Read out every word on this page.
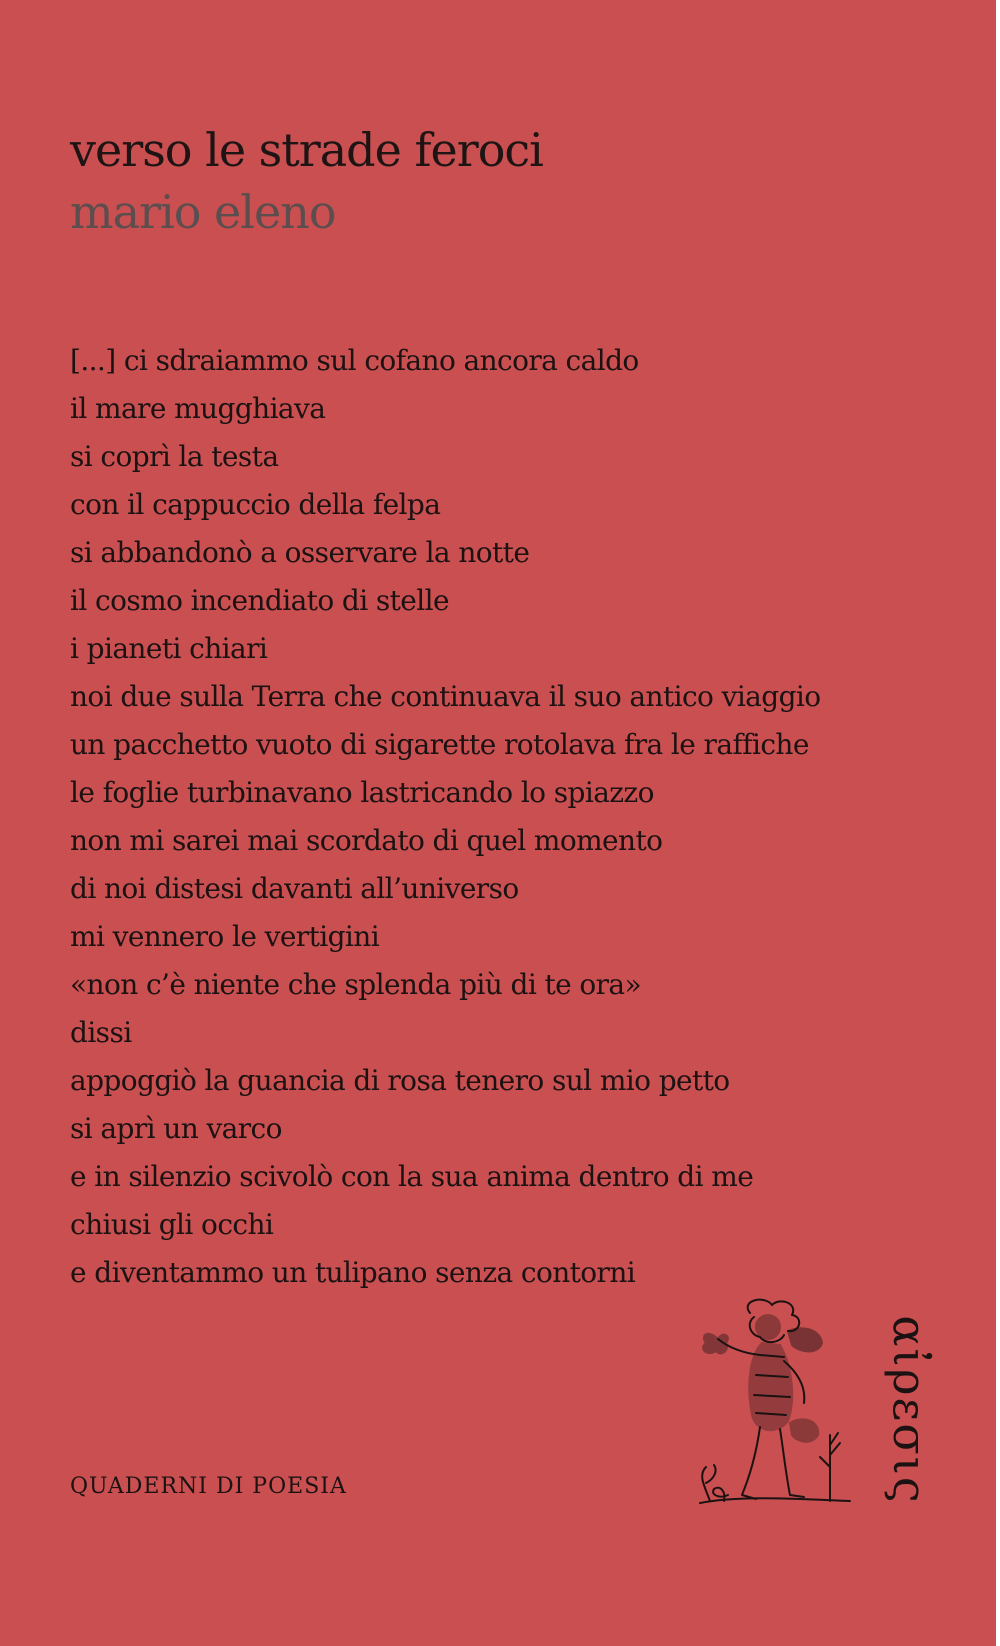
verso le strade feroci
mario eleno
[...] ci sdraiammo sul cofano ancora caldo
il mare mugghiava
si coprì la testa
con il cappuccio della felpa
si abbandonò a osservare la notte
il cosmo incendiato di stelle
i pianeti chiari
noi due sulla Terra che continuava il suo antico viaggio
un pacchetto vuoto di sigarette rotolava fra le raffiche
le foglie turbinavano lastricando lo spiazzo
non mi sarei mai scordato di quel momento
di noi distesi davanti all’universo
mi vennero le vertigini
«non c’è niente che splenda più di te ora»
dissi
appoggiò la guancia di rosa tenero sul mio petto
si aprì un varco
e in silenzio scivolò con la sua anima dentro di me
chiusi gli occhi
e diventammo un tulipano senza contorni
QUADERNI DI POESIA	αἰρεσις
